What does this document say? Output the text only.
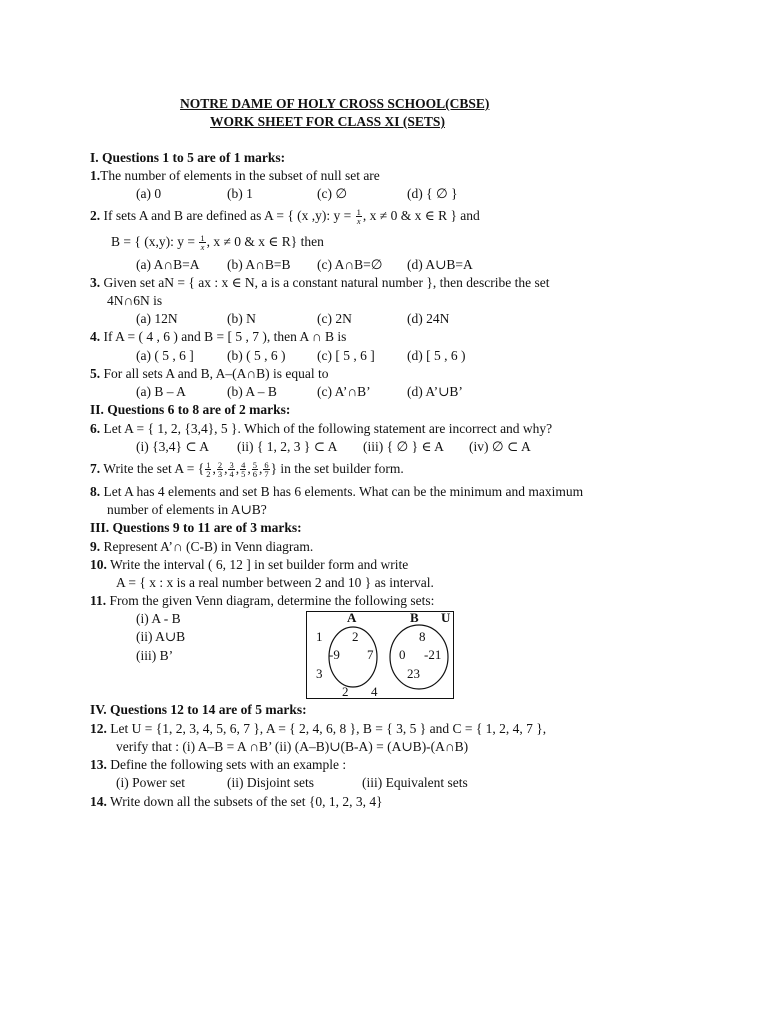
NOTRE DAME OF HOLY CROSS SCHOOL(CBSE)
WORK SHEET FOR CLASS XI (SETS)
I. Questions 1 to 5 are of 1 marks:
1.The number of elements in the subset of null set are
(a) 0	(b) 1	(c) ∅	(d) { ∅ }
2. If sets A and B are defined as A = { (x ,y): $y = \frac{1}{x}$ , x ≠ 0 & x ∈ R } and
B = { (x,y): $y = \frac{1}{x}$ , x ≠ 0 & x ∈ R} then
(a) A∩B=A (b) A∩B=B (c) A∩B=∅ (d) A∪B=A
3. Given set aN = { ax : x ∈ N, a is a constant natural number }, then describe the set
4N∩6N is
(a) 12N	(b) N	(c) 2N	(d) 24N
4. If A = ( 4 , 6 ) and B = [ 5 , 7 ), then A ∩ B is
(a) ( 5 , 6 ] (b) ( 5 , 6 ) (c) [ 5 , 6 ] (d) [ 5 , 6 )
5. For all sets A and B, A–(A∩B) is equal to
(a) B – A	(b) A – B	(c) A’∩B’	(d) A’∪B’
II. Questions 6 to 8 are of 2 marks:
6. Let A = { 1, 2, {3,4}, 5 }. Which of the following statement are incorrect and why?
(i) {3,4} ⊂ A (ii) { 1, 2, 3 } ⊂ A (iii) { ∅ } ∈ A (iv) ∅ ⊂ A
7. Write the set A = { $\frac{1}{2}$ , $\frac{2}{3}$ , $\frac{3}{4}$ , $\frac{4}{5}$ , $\frac{5}{6}$ , $\frac{6}{7}$ } in the set builder form.
8. Let A has 4 elements and set B has 6 elements. What can be the minimum and maximum
number of elements in A∪B?
III. Questions 9 to 11 are of 3 marks:
9. Represent A’∩ (C-B) in Venn diagram.
10. Write the interval ( 6, 12 ] in set builder form and write
A = { x : x is a real number between 2 and 10 } as interval.
11. From the given Venn diagram, determine the following sets:
(i) A - B
(ii) A∪B
(iii) B’
A	B U
1 2
-9 7
8
0 -21
23
3
2 4
IV. Questions 12 to 14 are of 5 marks:
12. Let U = {1, 2, 3, 4, 5, 6, 7 }, A = { 2, 4, 6, 8 }, B = { 3, 5 } and C = { 1, 2, 4, 7 },
verify that : (i) A–B = A ∩B’ (ii) (A–B)∪(B-A) = (A∪B)-(A∩B)
13. Define the following sets with an example :
(i) Power set	(ii) Disjoint sets	(iii) Equivalent sets
14. Write down all the subsets of the set {0, 1, 2, 3, 4}
